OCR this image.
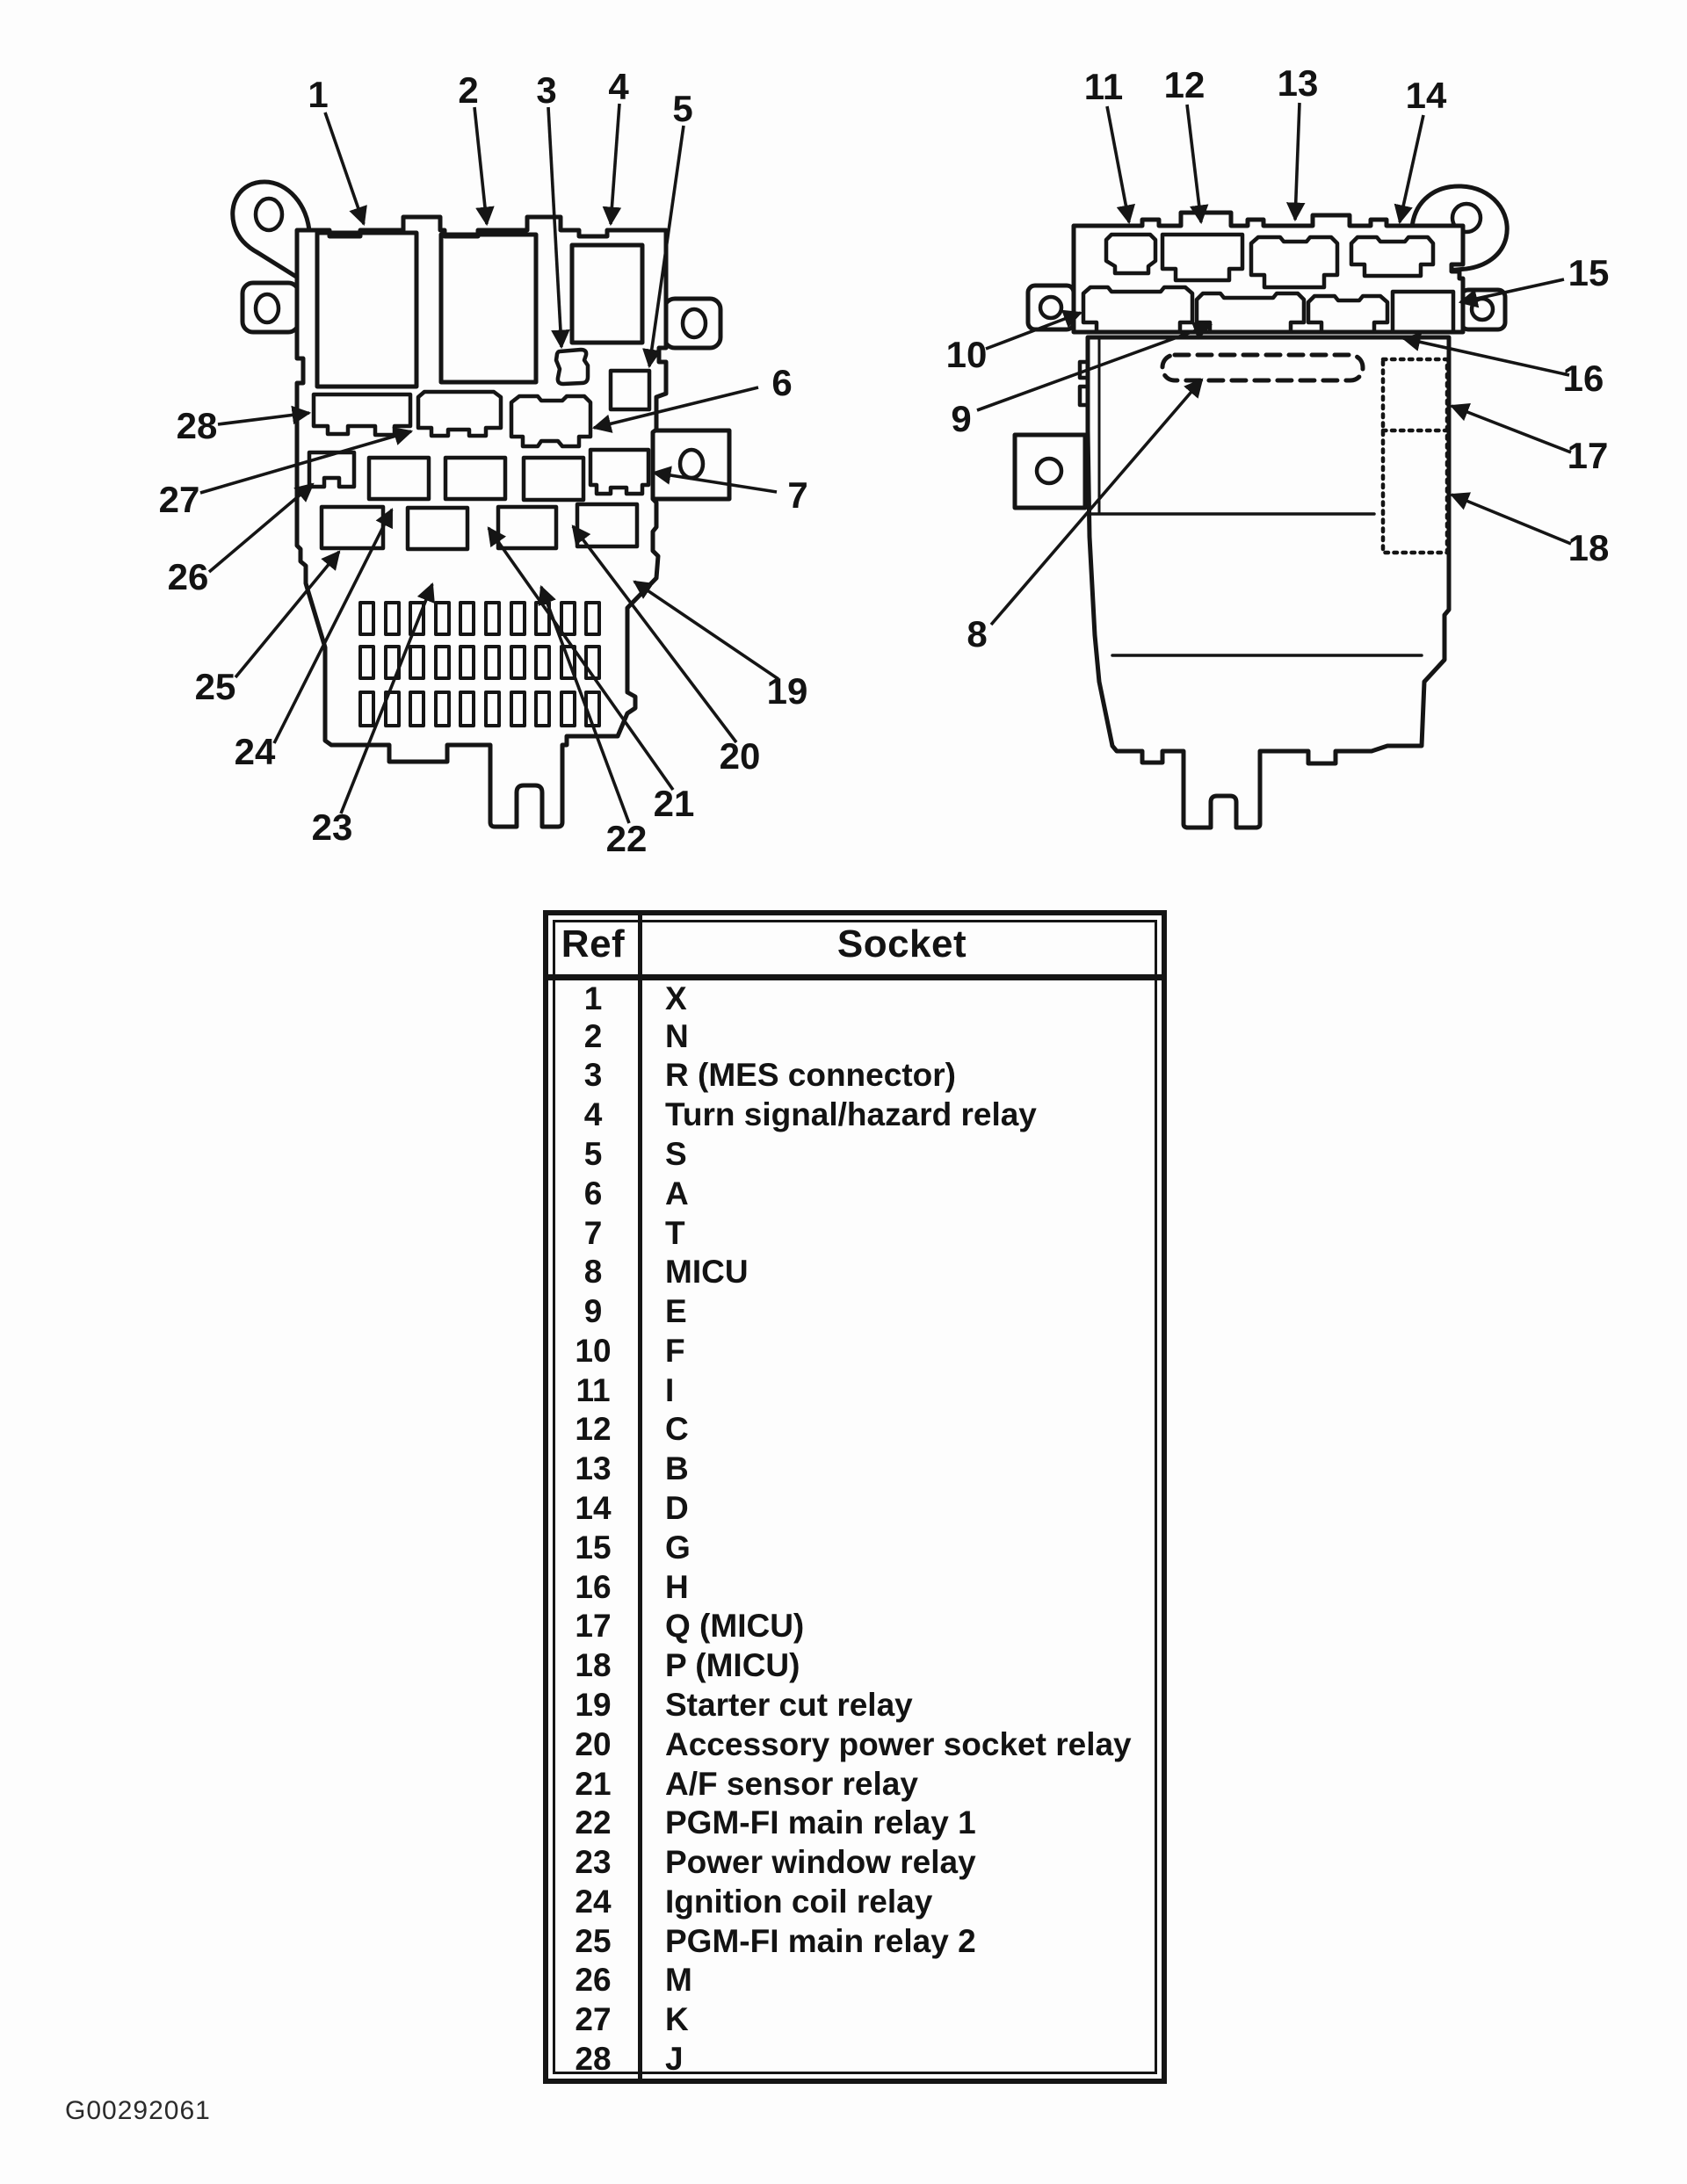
1	2 3 4
5
6
7
19
20
21
22
23
24
25
26
27
28
8
9
10
11 12 13 14
15
16
17
18
Ref	Socket
1	X
2	N
3	R (MES connector)
4	Turn signal/hazard relay
5	S
6	A
7	T
8	MICU
9	E
10	F
11	I
12	C
13	B
14	D
15	G
16	H
17	Q (MICU)
18	P (MICU)
19	Starter cut relay
20	Accessory power socket relay
21	A/F sensor relay
22	PGM-FI main relay 1
23	Power window relay
24	Ignition coil relay
25	PGM-FI main relay 2
26	M
27	K
28	J
G00292061
